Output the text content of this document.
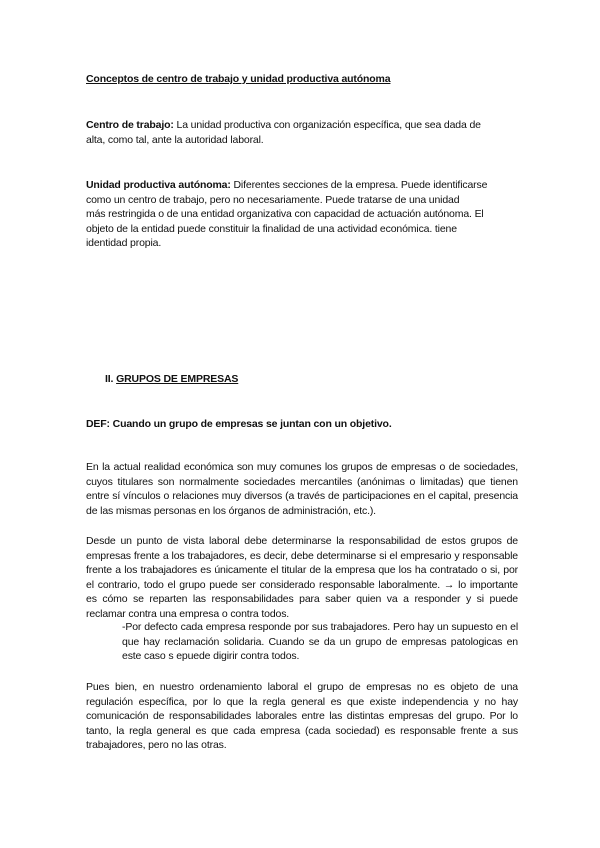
Conceptos de centro de trabajo y unidad productiva autónoma
Centro de trabajo: La unidad productiva con organización específica, que sea dada de
alta, como tal, ante la autoridad laboral.
Unidad productiva autónoma: Diferentes secciones de la empresa. Puede identificarse
como un centro de trabajo, pero no necesariamente. Puede tratarse de una unidad
más restringida o de una entidad organizativa con capacidad de actuación autónoma. El
objeto de la entidad puede constituir la finalidad de una actividad económica. tiene
identidad propia.
II. GRUPOS DE EMPRESAS
DEF: Cuando un grupo de empresas se juntan con un objetivo.
En la actual realidad económica son muy comunes los grupos de empresas o de sociedades, cuyos titulares son normalmente sociedades mercantiles (anónimas o limitadas) que tienen entre sí vínculos o relaciones muy diversos (a través de participaciones en el capital, presencia de las mismas personas en los órganos de administración, etc.).
Desde un punto de vista laboral debe determinarse la responsabilidad de estos grupos de empresas frente a los trabajadores, es decir, debe determinarse si el empresario y responsable frente a los trabajadores es únicamente el titular de la empresa que los ha contratado o si, por el contrario, todo el grupo puede ser considerado responsable laboralmente. → lo importante es cómo se reparten las responsabilidades para saber quien va a responder y si puede reclamar contra una empresa o contra todos.
-Por defecto cada empresa responde por sus trabajadores. Pero hay un supuesto en el que hay reclamación solidaria. Cuando se da un grupo de empresas patologicas en este caso s epuede digirir contra todos.
Pues bien, en nuestro ordenamiento laboral el grupo de empresas no es objeto de una regulación específica, por lo que la regla general es que existe independencia y no hay comunicación de responsabilidades laborales entre las distintas empresas del grupo. Por lo tanto, la regla general es que cada empresa (cada sociedad) es responsable frente a sus trabajadores, pero no las otras.
